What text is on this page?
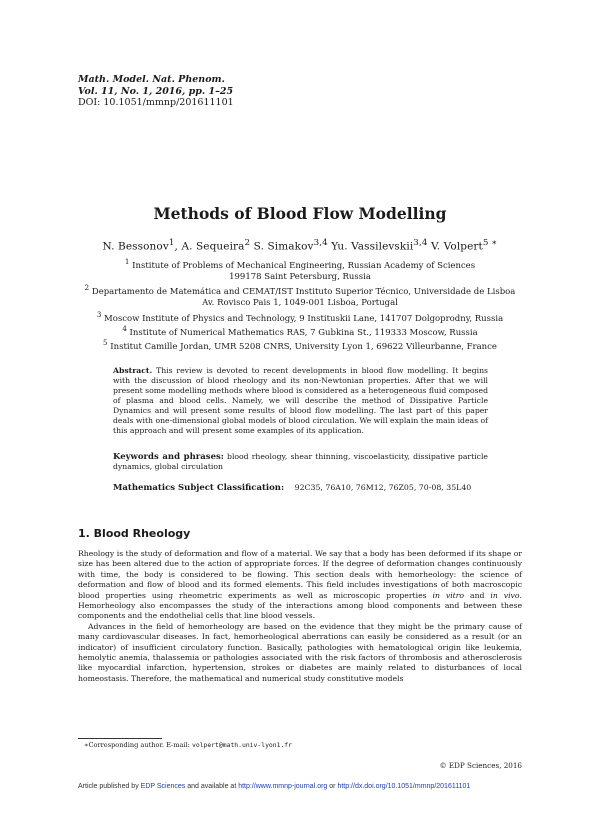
Math. Model. Nat. Phenom.
Vol. 11, No. 1, 2016, pp. 1–25
DOI: 10.1051/mmnp/201611101
Methods of Blood Flow Modelling
N. Bessonov$^1$, A. Sequeira$^2$ S. Simakov$^{3,4}$ Yu. Vassilevskii$^{3,4}$ V. Volpert$^{5 ∗}$
$^1$ Institute of Problems of Mechanical Engineering, Russian Academy of Sciences
199178 Saint Petersburg, Russia
$^2$ Departamento de Matemática and CEMAT/IST Instituto Superior Técnico, Universidade de Lisboa
Av. Rovisco Pais 1, 1049-001 Lisboa, Portugal
$^3$ Moscow Institute of Physics and Technology, 9 Instituskii Lane, 141707 Dolgoprodny, Russia
$^4$ Institute of Numerical Mathematics RAS, 7 Gubkina St., 119333 Moscow, Russia
$^5$ Institut Camille Jordan, UMR 5208 CNRS, University Lyon 1, 69622 Villeurbanne, France
Abstract. This review is devoted to recent developments in blood flow modelling. It begins with the discussion of blood rheology and its non-Newtonian properties. After that we will present some modelling methods where blood is considered as a heterogeneous fluid composed of plasma and blood cells. Namely, we will describe the method of Dissipative Particle Dynamics and will present some results of blood flow modelling. The last part of this paper deals with one-dimensional global models of blood circulation. We will explain the main ideas of this approach and will present some examples of its application.
Keywords and phrases: blood rheology, shear thinning, viscoelasticity, dissipative particle dynamics, global circulation
Mathematics Subject Classification: 92C35, 76A10, 76M12, 76Z05, 70-08, 35L40
1. Blood Rheology

Rheology is the study of deformation and flow of a material. We say that a body has been deformed if its shape or size has been altered due to the action of appropriate forces. If the degree of deformation changes continuously with time, the body is considered to be flowing. This section deals with hemorheology: the science of deformation and flow of blood and its formed elements. This field includes investigations of both macroscopic blood properties using rheometric experiments as well as microscopic properties in vitro and in vivo. Hemorheology also encompasses the study of the interactions among blood components and between these components and the endothelial cells that line blood vessels.

Advances in the field of hemorheology are based on the evidence that they might be the primary cause of many cardiovascular diseases. In fact, hemorheological aberrations can easily be considered as a result (or an indicator) of insufficient circulatory function. Basically, pathologies with hematological origin like leukemia, hemolytic anemia, thalassemia or pathologies associated with the risk factors of thrombosis and atherosclerosis like myocardial infarction, hypertension, strokes or diabetes are mainly related to disturbances of local homeostasis. Therefore, the mathematical and numerical study constitutive models

∗Corresponding author. E-mail: volpert@math.univ-lyon1.fr
© EDP Sciences, 2016
Article published by EDP Sciences and available at http://www.mmnp-journal.org or http://dx.doi.org/10.1051/mmnp/201611101
